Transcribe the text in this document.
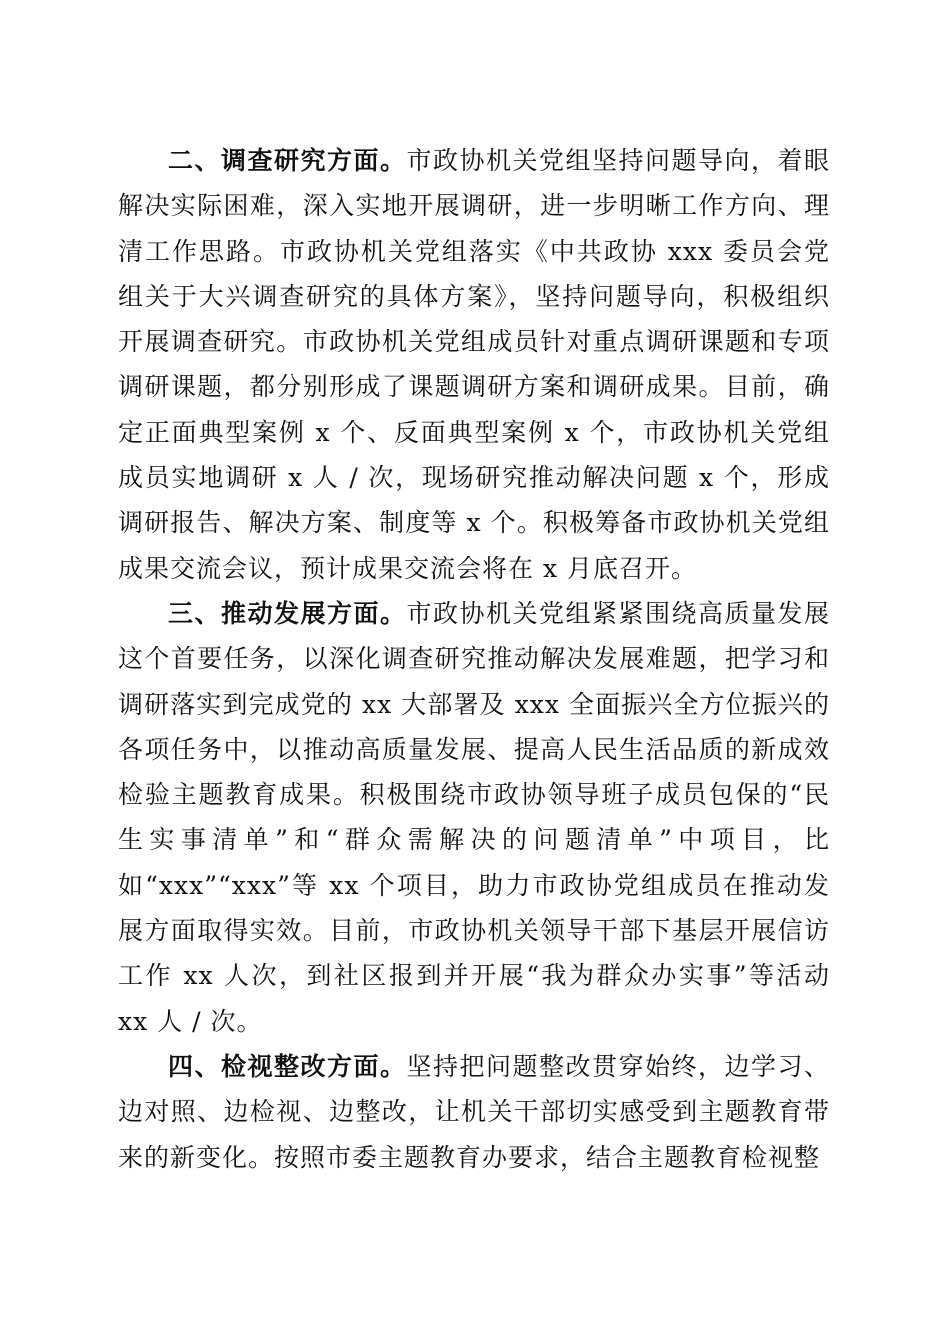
二、调查研究方面。市政协机关党组坚持问题导向，着眼解决实际困难，深入实地开展调研，进一步明晰工作方向、理清工作思路。市政协机关党组落实《中共政协 xxx 委员会党组关于大兴调查研究的具体方案》，坚持问题导向，积极组织开展调查研究。市政协机关党组成员针对重点调研课题和专项调研课题，都分别形成了课题调研方案和调研成果。目前，确定正面典型案例 x 个、反面典型案例 x 个，市政协机关党组成员实地调研 x 人 / 次，现场研究推动解决问题 x 个，形成调研报告、解决方案、制度等 x 个。积极筹备市政协机关党组成果交流会议，预计成果交流会将在 x 月底召开。

三、推动发展方面。市政协机关党组紧紧围绕高质量发展这个首要任务，以深化调查研究推动解决发展难题，把学习和调研落实到完成党的 xx 大部署及 xxx 全面振兴全方位振兴的各项任务中，以推动高质量发展、提高人民生活品质的新成效检验主题教育成果。积极围绕市政协领导班子成员包保的“民生实事清单”和“群众需解决的问题清单”中项目，比如“xxx”“xxx”等 xx 个项目，助力市政协党组成员在推动发展方面取得实效。目前，市政协机关领导干部下基层开展信访工作 xx 人次，到社区报到并开展“我为群众办实事”等活动 xx 人 / 次。

四、检视整改方面。坚持把问题整改贯穿始终，边学习、边对照、边检视、边整改，让机关干部切实感受到主题教育带来的新变化。按照市委主题教育办要求，结合主题教育检视整
